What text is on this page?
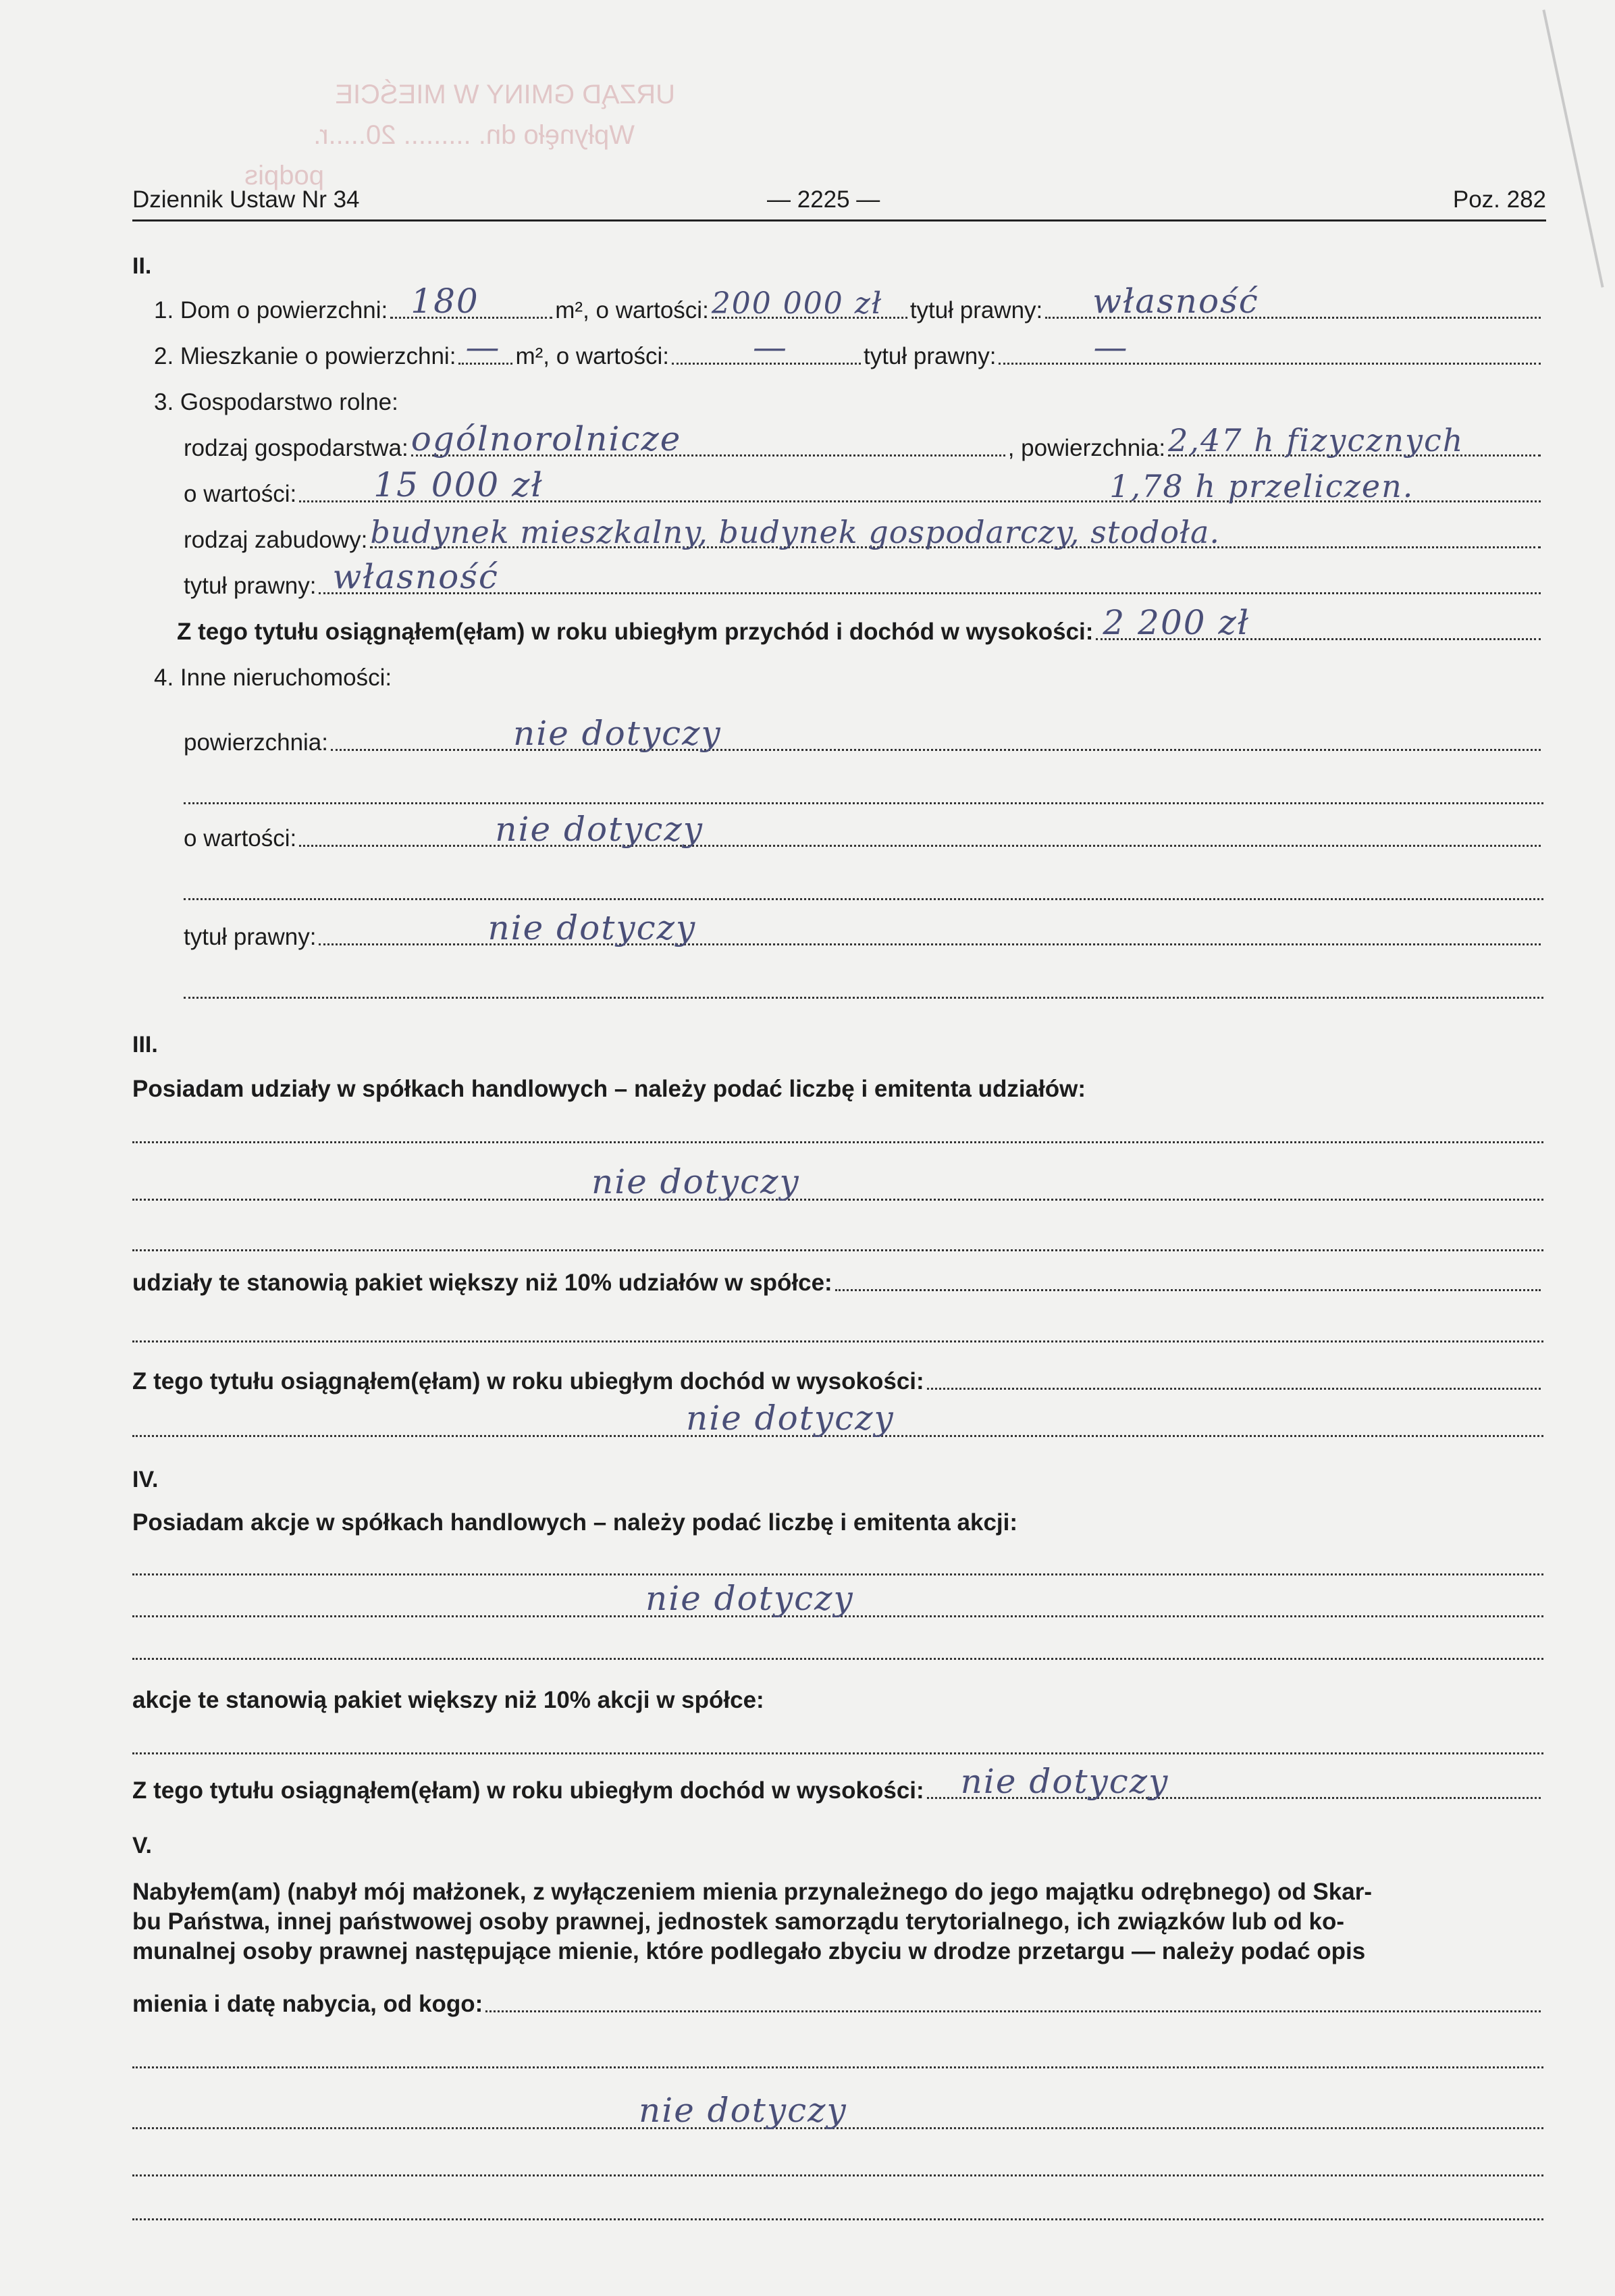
URZĄD GMINY W MIEŚCIE
Wpłynęło dn. ......... 20.....r.
podpis
Dziennik Ustaw Nr 34	— 2225 —	Poz. 282
II.
1. Dom o powierzchni: 180	m², o wartości: 200 000 zł tytuł prawny: własność
2. Mieszkanie o powierzchni: — m², o wartości: —	tytuł prawny:	—
3. Gospodarstwo rolne:
rodzaj gospodarstwa: ogólnorolnicze	, powierzchnia: 2,47 h fizycznych
o wartości: 15 000 zł	1,78 h przeliczen.
rodzaj zabudowy: budynek mieszkalny, budynek gospodarczy, stodoła.
tytuł prawny: własność
Z tego tytułu osiągnąłem(ęłam) w roku ubiegłym przychód i dochód w wysokości: 2 200 zł
4. Inne nieruchomości:
powierzchnia:	nie dotyczy
o wartości:	nie dotyczy
tytuł prawny:	nie dotyczy
III.
Posiadam udziały w spółkach handlowych – należy podać liczbę i emitenta udziałów:
nie dotyczy
udziały te stanowią pakiet większy niż 10% udziałów w spółce:
Z tego tytułu osiągnąłem(ęłam) w roku ubiegłym dochód w wysokości:
nie dotyczy
IV.
Posiadam akcje w spółkach handlowych – należy podać liczbę i emitenta akcji:
nie dotyczy
akcje te stanowią pakiet większy niż 10% akcji w spółce:
Z tego tytułu osiągnąłem(ęłam) w roku ubiegłym dochód w wysokości: nie dotyczy
V.
Nabyłem(am) (nabył mój małżonek, z wyłączeniem mienia przynależnego do jego majątku odrębnego) od Skar-
bu Państwa, innej państwowej osoby prawnej, jednostek samorządu terytorialnego, ich związków lub od ko-
munalnej osoby prawnej następujące mienie, które podlegało zbyciu w drodze przetargu — należy podać opis
mienia i datę nabycia, od kogo:
nie dotyczy
